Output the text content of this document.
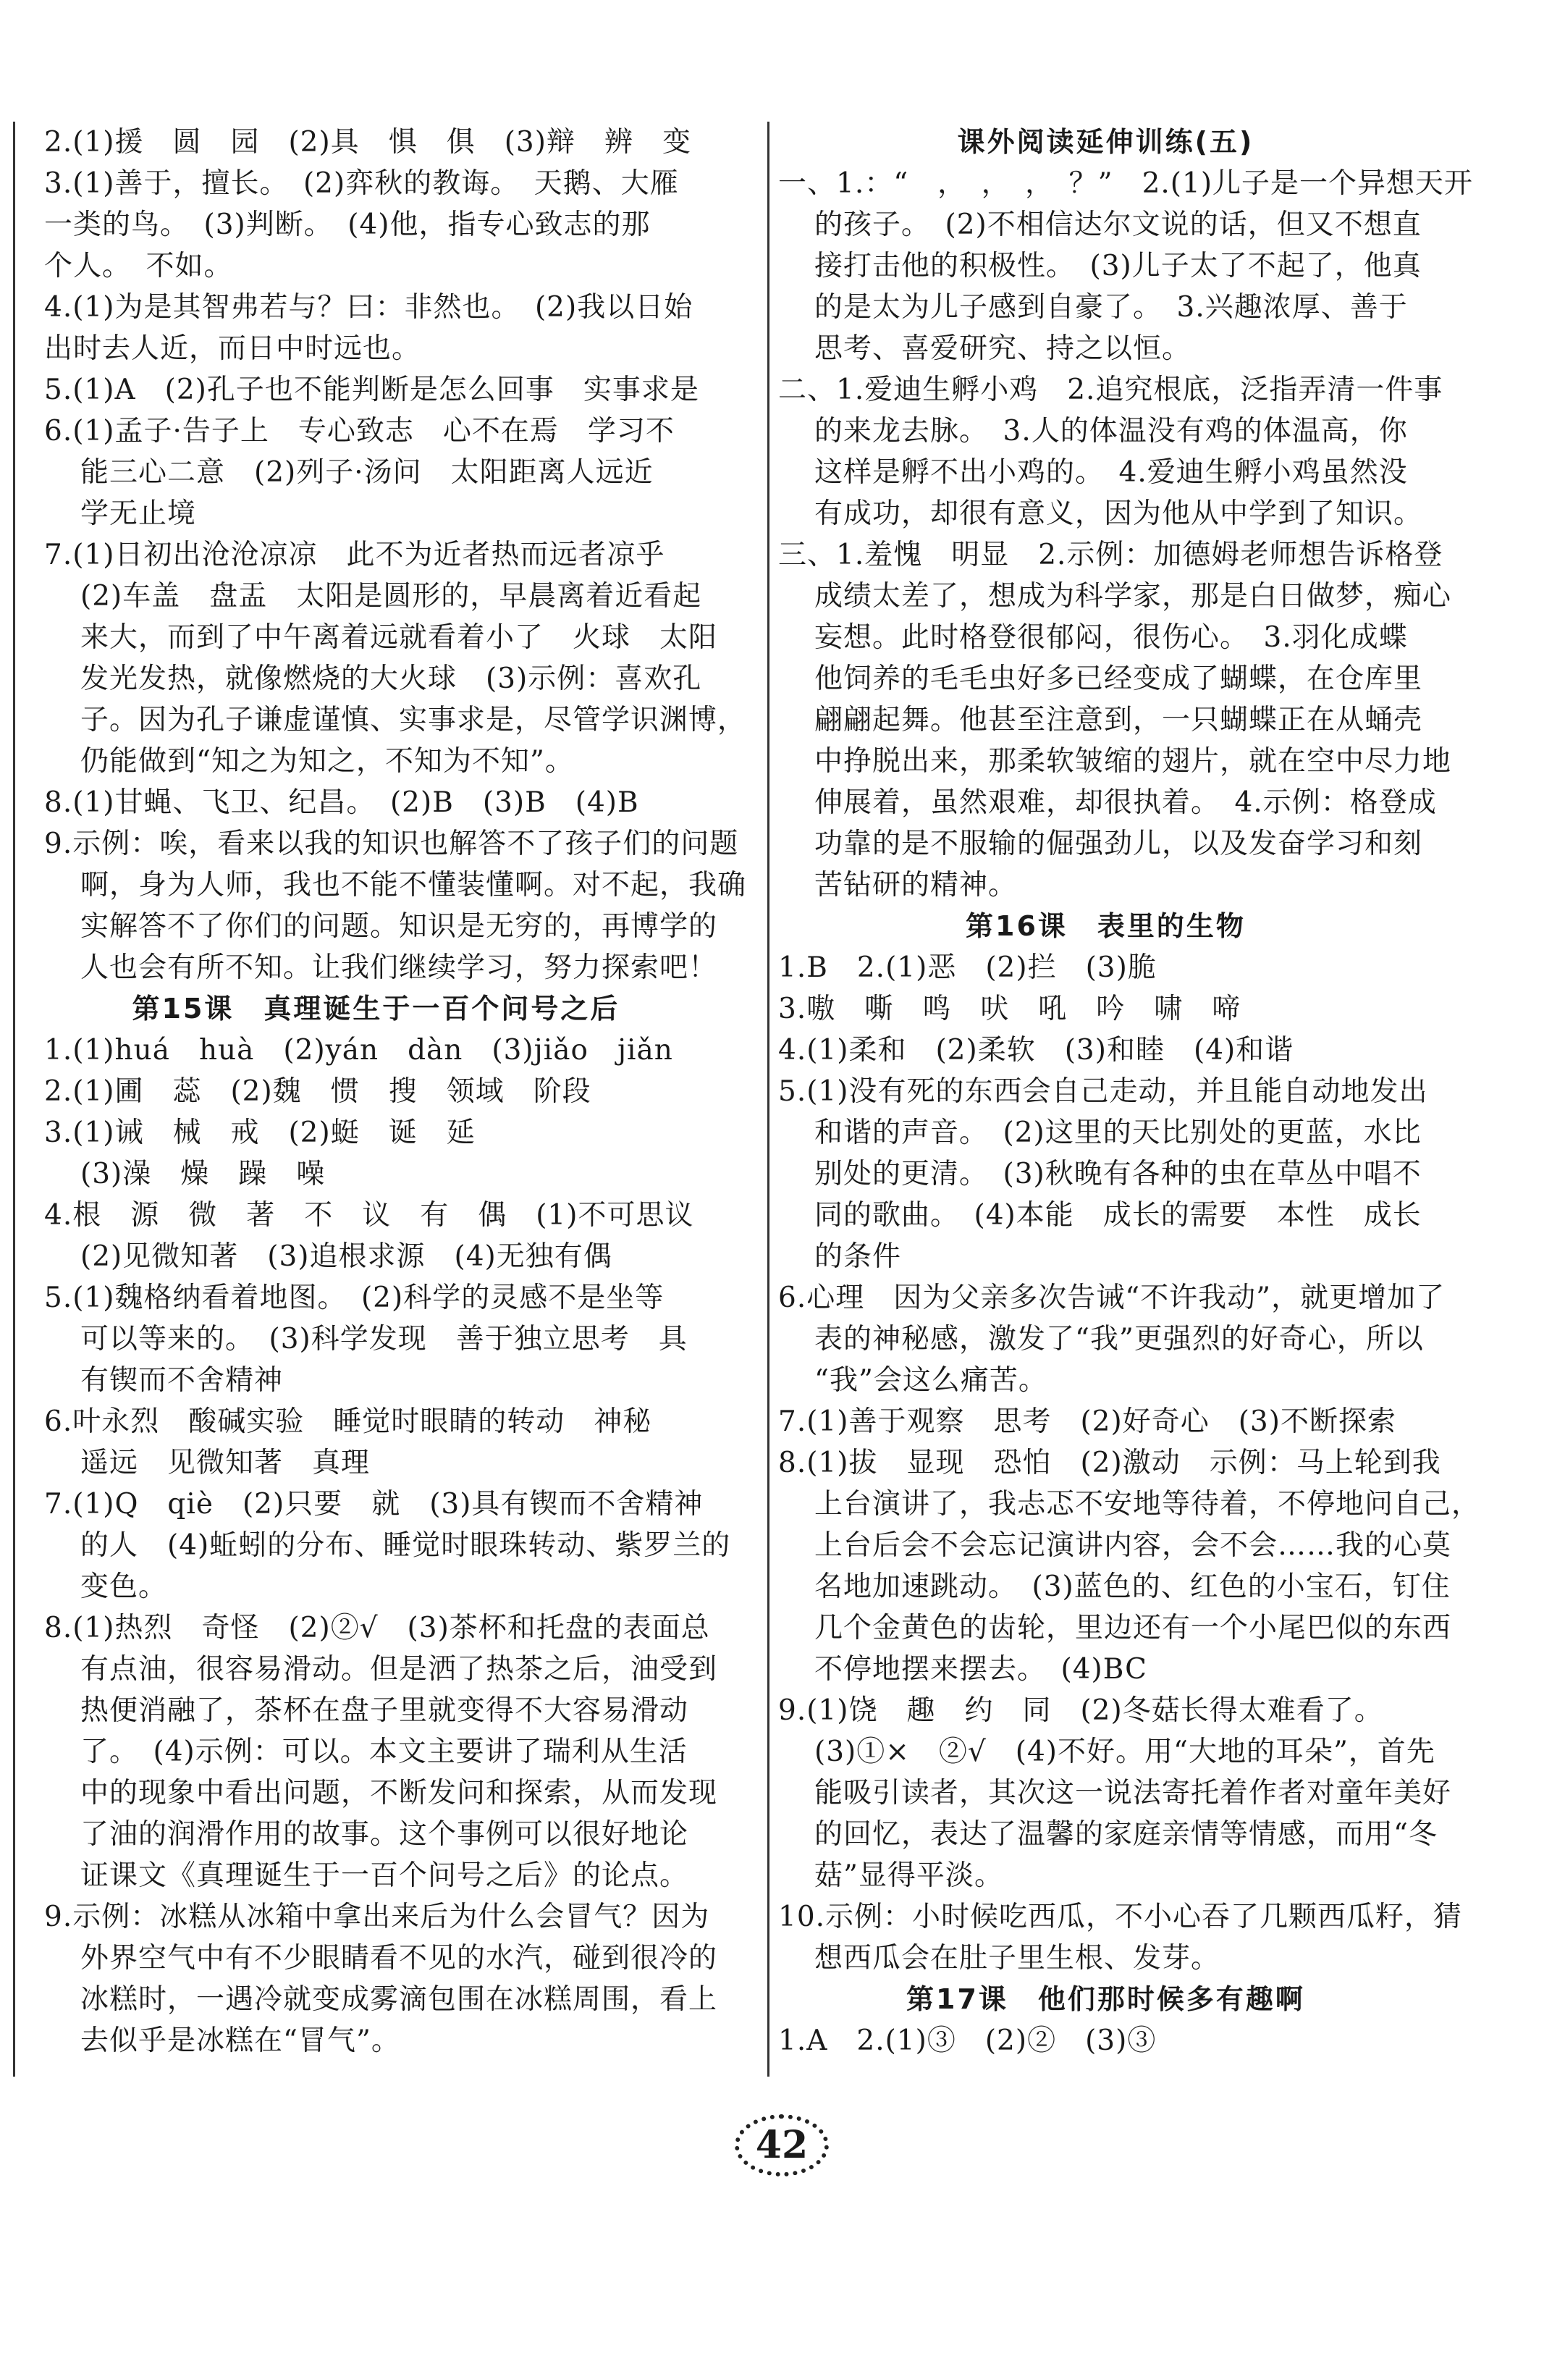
2.(1)援　圆　园　(2)具　惧　俱　(3)辩　辨　变
3.(1)善于，擅长。　(2)弈秋的教诲。　天鹅、大雁
一类的鸟。　(3)判断。　(4)他，指专心致志的那
个人。　不如。
4.(1)为是其智弗若与？曰：非然也。　(2)我以日始
出时去人近，而日中时远也。
5.(1)A　(2)孔子也不能判断是怎么回事　实事求是
6.(1)孟子·告子上　专心致志　心不在焉　学习不
能三心二意　(2)列子·汤问　太阳距离人远近
学无止境
7.(1)日初出沧沧凉凉　此不为近者热而远者凉乎
(2)车盖　盘盂　太阳是圆形的，早晨离着近看起
来大，而到了中午离着远就看着小了　火球　太阳
发光发热，就像燃烧的大火球　(3)示例：喜欢孔
子。因为孔子谦虚谨慎、实事求是，尽管学识渊博，
仍能做到“知之为知之，不知为不知”。
8.(1)甘蝇、飞卫、纪昌。　(2)B　(3)B　(4)B
9.示例：唉，看来以我的知识也解答不了孩子们的问题
啊，身为人师，我也不能不懂装懂啊。对不起，我确
实解答不了你们的问题。知识是无穷的，再博学的
人也会有所不知。让我们继续学习，努力探索吧！
第15课　真理诞生于一百个问号之后
1.(1)huá　huà　(2)yán　dàn　(3)jiǎo　jiǎn
2.(1)圃　蕊　(2)魏　惯　搜　领域　阶段
3.(1)诫　械　戒　(2)蜓　诞　延
(3)澡　燥　躁　噪
4.根　源　微　著　不　议　有　偶　(1)不可思议
(2)见微知著　(3)追根求源　(4)无独有偶
5.(1)魏格纳看着地图。　(2)科学的灵感不是坐等
可以等来的。　(3)科学发现　善于独立思考　具
有锲而不舍精神
6.叶永烈　酸碱实验　睡觉时眼睛的转动　神秘
遥远　见微知著　真理
7.(1)Q　qiè　(2)只要　就　(3)具有锲而不舍精神
的人　(4)蚯蚓的分布、睡觉时眼珠转动、紫罗兰的
变色。
8.(1)热烈　奇怪　(2)②√　(3)茶杯和托盘的表面总
有点油，很容易滑动。但是洒了热茶之后，油受到
热便消融了，茶杯在盘子里就变得不大容易滑动
了。　(4)示例：可以。本文主要讲了瑞利从生活
中的现象中看出问题，不断发问和探索，从而发现
了油的润滑作用的故事。这个事例可以很好地论
证课文《真理诞生于一百个问号之后》的论点。
9.示例：冰糕从冰箱中拿出来后为什么会冒气？因为
外界空气中有不少眼睛看不见的水汽，碰到很冷的
冰糕时，一遇冷就变成雾滴包围在冰糕周围，看上
去似乎是冰糕在“冒气”。
课外阅读延伸训练(五)
一、1.：“　，　，　，　？”　2.(1)儿子是一个异想天开
的孩子。　(2)不相信达尔文说的话，但又不想直
接打击他的积极性。　(3)儿子太了不起了，他真
的是太为儿子感到自豪了。　3.兴趣浓厚、善于
思考、喜爱研究、持之以恒。
二、1.爱迪生孵小鸡　2.追究根底，泛指弄清一件事
的来龙去脉。　3.人的体温没有鸡的体温高，你
这样是孵不出小鸡的。　4.爱迪生孵小鸡虽然没
有成功，却很有意义，因为他从中学到了知识。
三、1.羞愧　明显　2.示例：加德姆老师想告诉格登
成绩太差了，想成为科学家，那是白日做梦，痴心
妄想。此时格登很郁闷，很伤心。　3.羽化成蝶
他饲养的毛毛虫好多已经变成了蝴蝶，在仓库里
翩翩起舞。他甚至注意到，一只蝴蝶正在从蛹壳
中挣脱出来，那柔软皱缩的翅片，就在空中尽力地
伸展着，虽然艰难，却很执着。　4.示例：格登成
功靠的是不服输的倔强劲儿，以及发奋学习和刻
苦钻研的精神。
第16课　表里的生物
1.B　2.(1)恶　(2)拦　(3)脆
3.嗷　嘶　鸣　吠　吼　吟　啸　啼
4.(1)柔和　(2)柔软　(3)和睦　(4)和谐
5.(1)没有死的东西会自己走动，并且能自动地发出
和谐的声音。　(2)这里的天比别处的更蓝，水比
别处的更清。　(3)秋晚有各种的虫在草丛中唱不
同的歌曲。　(4)本能　成长的需要　本性　成长
的条件
6.心理　因为父亲多次告诫“不许我动”，就更增加了
表的神秘感，激发了“我”更强烈的好奇心，所以
“我”会这么痛苦。
7.(1)善于观察　思考　(2)好奇心　(3)不断探索
8.(1)拔　显现　恐怕　(2)激动　示例：马上轮到我
上台演讲了，我忐忑不安地等待着，不停地问自己，
上台后会不会忘记演讲内容，会不会……我的心莫
名地加速跳动。　(3)蓝色的、红色的小宝石，钉住
几个金黄色的齿轮，里边还有一个小尾巴似的东西
不停地摆来摆去。　(4)BC
9.(1)饶　趣　约　同　(2)冬菇长得太难看了。
(3)①×　②√　(4)不好。用“大地的耳朵”，首先
能吸引读者，其次这一说法寄托着作者对童年美好
的回忆，表达了温馨的家庭亲情等情感，而用“冬
菇”显得平淡。
10.示例：小时候吃西瓜，不小心吞了几颗西瓜籽，猜
想西瓜会在肚子里生根、发芽。
第17课　他们那时候多有趣啊
1.A　2.(1)③　(2)②　(3)③
42
